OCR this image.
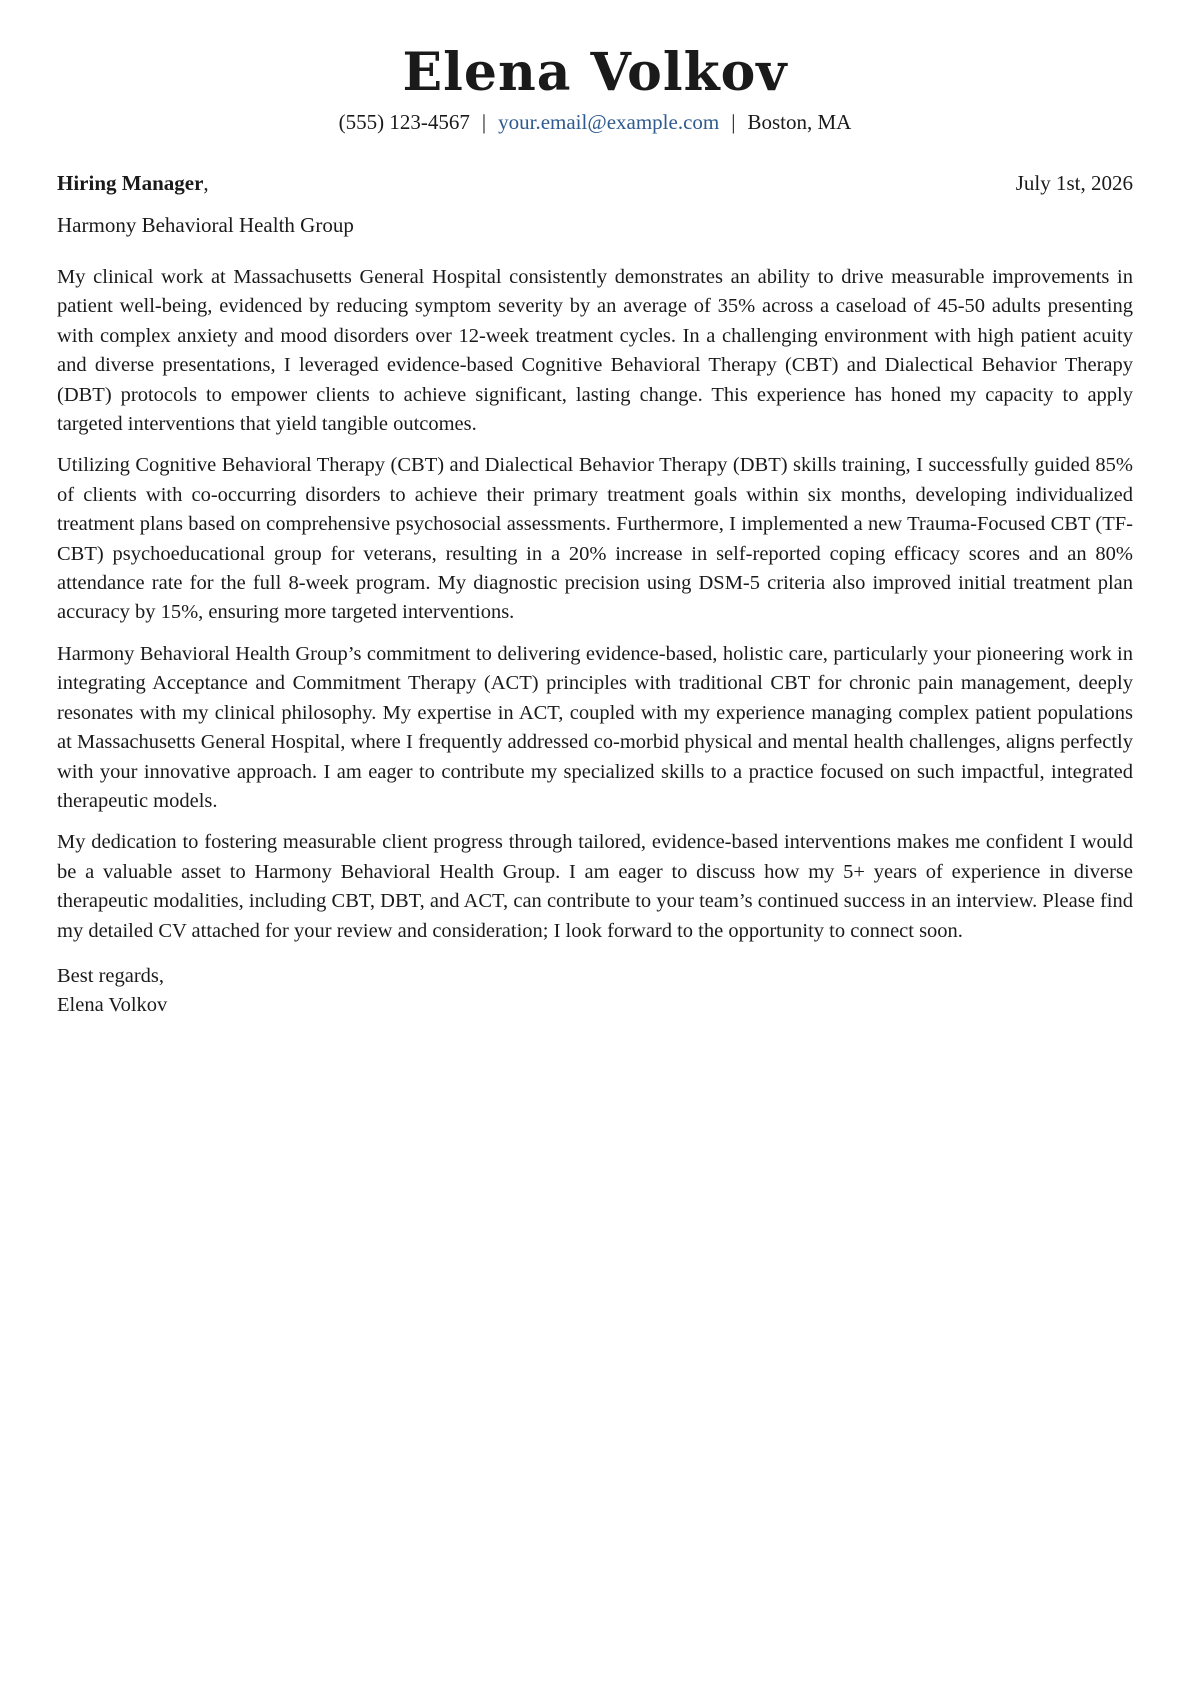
Elena Volkov
(555) 123-4567 | your.email@example.com | Boston, MA
Hiring Manager,	July 1st, 2026
Harmony Behavioral Health Group

My clinical work at Massachusetts General Hospital consistently demonstrates an ability to drive measurable improvements in patient well-being, evidenced by reducing symptom severity by an average of 35% across a caseload of 45-50 adults presenting with complex anxiety and mood disorders over 12-week treatment cycles. In a challenging environment with high patient acuity and diverse presentations, I leveraged evidence-based Cognitive Behavioral Therapy (CBT) and Dialectical Behavior Therapy (DBT) protocols to empower clients to achieve significant, lasting change. This experience has honed my capacity to apply targeted interventions that yield tangible outcomes.

Utilizing Cognitive Behavioral Therapy (CBT) and Dialectical Behavior Therapy (DBT) skills training, I successfully guided 85% of clients with co-occurring disorders to achieve their primary treatment goals within six months, developing individualized treatment plans based on comprehensive psychosocial assessments. Furthermore, I implemented a new Trauma-Focused CBT (TF-CBT) psychoeducational group for veterans, resulting in a 20% increase in self-reported coping efficacy scores and an 80% attendance rate for the full 8-week program. My diagnostic precision using DSM-5 criteria also improved initial treatment plan accuracy by 15%, ensuring more targeted interventions.

Harmony Behavioral Health Group’s commitment to delivering evidence-based, holistic care, particularly your pioneering work in integrating Acceptance and Commitment Therapy (ACT) principles with traditional CBT for chronic pain management, deeply resonates with my clinical philosophy. My expertise in ACT, coupled with my experience managing complex patient populations at Massachusetts General Hospital, where I frequently addressed co-morbid physical and mental health challenges, aligns perfectly with your innovative approach. I am eager to contribute my specialized skills to a practice focused on such impactful, integrated therapeutic models.

My dedication to fostering measurable client progress through tailored, evidence-based interventions makes me confident I would be a valuable asset to Harmony Behavioral Health Group. I am eager to discuss how my 5+ years of experience in diverse therapeutic modalities, including CBT, DBT, and ACT, can contribute to your team’s continued success in an interview. Please find my detailed CV attached for your review and consideration; I look forward to the opportunity to connect soon.

Best regards,
Elena Volkov
